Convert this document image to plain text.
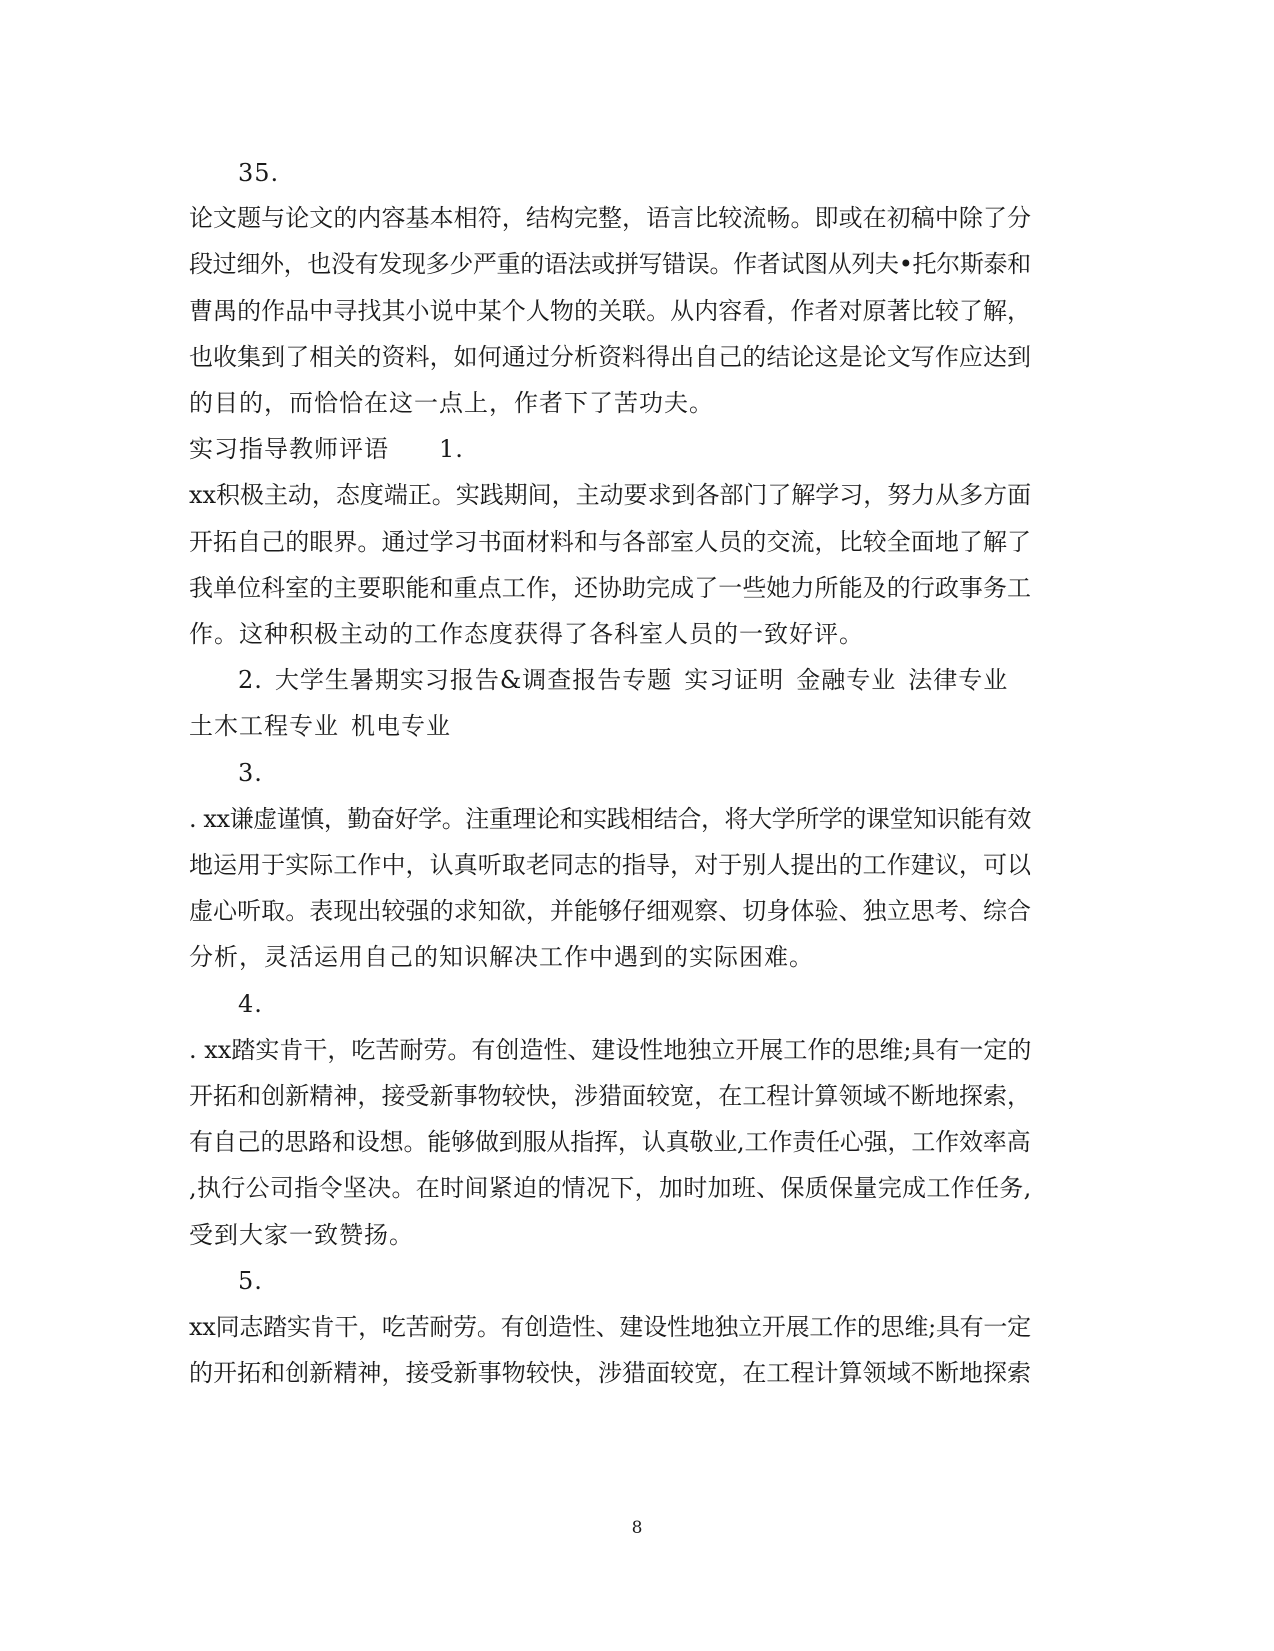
35.
论文题与论文的内容基本相符，结构完整，语言比较流畅。即或在初稿中除了分
段过细外，也没有发现多少严重的语法或拼写错误。作者试图从列夫•托尔斯泰和
曹禺的作品中寻找其小说中某个人物的关联。从内容看，作者对原著比较了解，
也收集到了相关的资料，如何通过分析资料得出自己的结论这是论文写作应达到
的目的，而恰恰在这一点上，作者下了苦功夫。
实习指导教师评语 1.
xx积极主动，态度端正。实践期间，主动要求到各部门了解学习，努力从多方面
开拓自己的眼界。通过学习书面材料和与各部室人员的交流，比较全面地了解了
我单位科室的主要职能和重点工作，还协助完成了一些她力所能及的行政事务工
作。这种积极主动的工作态度获得了各科室人员的一致好评。
2. 大学生暑期实习报告&调查报告专题 实习证明 金融专业 法律专业
土木工程专业 机电专业
3.
. xx谦虚谨慎，勤奋好学。注重理论和实践相结合，将大学所学的课堂知识能有效
地运用于实际工作中，认真听取老同志的指导，对于别人提出的工作建议，可以
虚心听取。表现出较强的求知欲，并能够仔细观察、切身体验、独立思考、综合
分析，灵活运用自己的知识解决工作中遇到的实际困难。
4.
. xx踏实肯干，吃苦耐劳。有创造性、建设性地独立开展工作的思维;具有一定的
开拓和创新精神，接受新事物较快，涉猎面较宽，在工程计算领域不断地探索，
有自己的思路和设想。能够做到服从指挥，认真敬业,工作责任心强，工作效率高
,执行公司指令坚决。在时间紧迫的情况下，加时加班、保质保量完成工作任务,
受到大家一致赞扬。
5.
xx同志踏实肯干，吃苦耐劳。有创造性、建设性地独立开展工作的思维;具有一定
的开拓和创新精神，接受新事物较快，涉猎面较宽，在工程计算领域不断地探索
8
